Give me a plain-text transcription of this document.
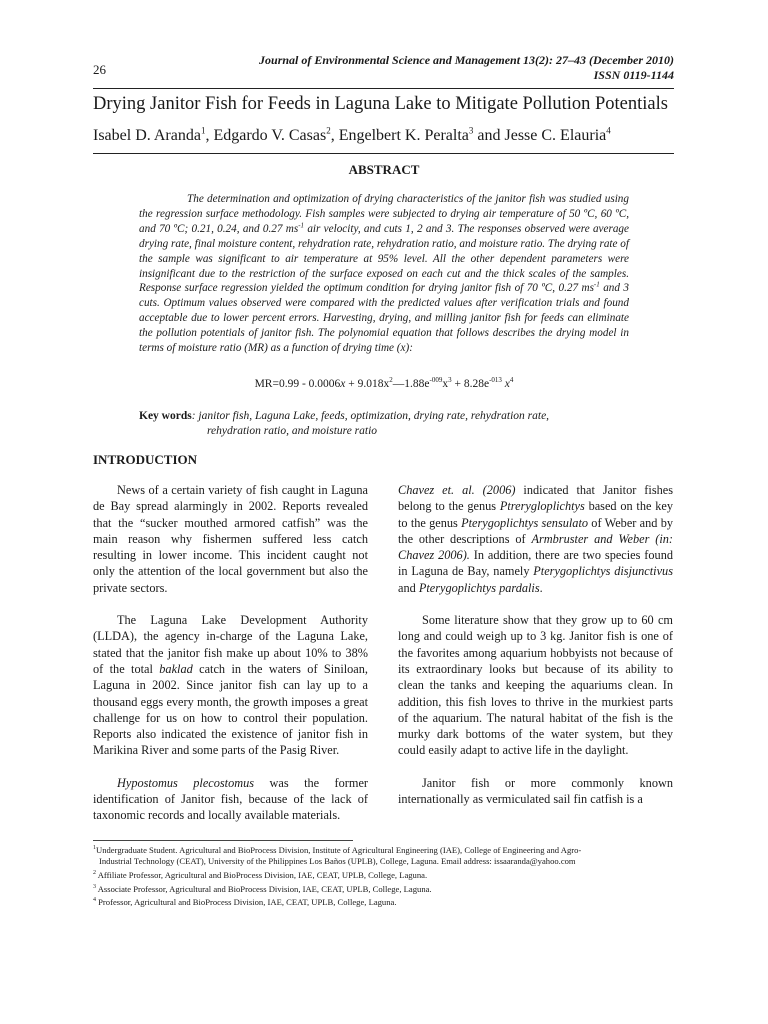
26
Journal of Environmental Science and Management 13(2): 27–43 (December 2010)
ISSN 0119-1144
Drying Janitor Fish for Feeds in Laguna Lake to Mitigate Pollution Potentials
Isabel D. Aranda$^1$, Edgardo V. Casas$^2$, Engelbert K. Peralta$^3$ and Jesse C. Elauria$^4$
ABSTRACT

The determination and optimization of drying characteristics of the janitor fish was studied using the regression surface methodology. Fish samples were subjected to drying air temperature of 50 ºC, 60 ºC, and 70 ºC; 0.21, 0.24, and 0.27 $ms^{-1}$ air velocity, and cuts 1, 2 and 3. The responses observed were average drying rate, final moisture content, rehydration rate, rehydration ratio, and moisture ratio. The drying rate of the sample was significant to air temperature at 95% level. All the other dependent parameters were insignificant due to the restriction of the surface exposed on each cut and the thick scales of the samples. Response surface regression yielded the optimum condition for drying janitor fish of 70 ºC, 0.27 $ms^{-1}$ and 3 cuts. Optimum values observed were compared with the predicted values after verification trials and found acceptable due to lower percent errors. Harvesting, drying, and milling janitor fish for feeds can eliminate the pollution potentials of janitor fish. The polynomial equation that follows describes the drying model in terms of moisture ratio (MR) as a function of drying time (x):

$MR=0.99 - 0.0006x + 9.018x^2—1.88e^{-009}x^3 + 8.28e^{-013}$ $x^4$
Key words: janitor fish, Laguna Lake, feeds, optimization, drying rate, rehydration rate,
rehydration ratio, and moisture ratio
INTRODUCTION

News of a certain variety of fish caught in Laguna de Bay spread alarmingly in 2002. Reports revealed that the “sucker mouthed armored catfish” was the main reason why fishermen suffered less catch resulting in lower income. This incident caught not only the attention of the local government but also the private sectors.

The Laguna Lake Development Authority (LLDA), the agency in-charge of the Laguna Lake, stated that the janitor fish make up about 10% to 38% of the total baklad catch in the waters of Siniloan, Laguna in 2002. Since janitor fish can lay up to a thousand eggs every month, the growth imposes a great challenge for us on how to control their population. Reports also indicated the existence of janitor fish in Marikina River and some parts of the Pasig River.

Hypostomus plecostomus was the former identification of Janitor fish, because of the lack of taxonomic records and locally available materials.

Chavez et. al. (2006) indicated that Janitor fishes belong to the genus Ptrerygloplichtys based on the key to the genus Pterygoplichtys sensulato of Weber and by the other descriptions of Armbruster and Weber (in: Chavez 2006). In addition, there are two species found in Laguna de Bay, namely Pterygoplichtys disjunctivus and Pterygoplichtys pardalis.

Some literature show that they grow up to 60 cm long and could weigh up to 3 kg. Janitor fish is one of the favorites among aquarium hobbyists not because of its extraordinary looks but because of its ability to clean the tanks and keeping the aquariums clean. In addition, this fish loves to thrive in the murkiest parts of the aquarium. The natural habitat of the fish is the murky dark bottoms of the water system, but they could easily adapt to active life in the daylight.

Janitor fish or more commonly known internationally as vermiculated sail fin catfish is a

$^1$Undergraduate Student. Agricultural and BioProcess Division, Institute of Agricultural Engineering (IAE), College of Engineering and Agro-
Industrial Technology (CEAT), University of the Philippines Los Baños (UPLB), College, Laguna. Email address: issaaranda@yahoo.com
$^2$ Affiliate Professor, Agricultural and BioProcess Division, IAE, CEAT, UPLB, College, Laguna.
$^3$ Associate Professor, Agricultural and BioProcess Division, IAE, CEAT, UPLB, College, Laguna.
$^4$ Professor, Agricultural and BioProcess Division, IAE, CEAT, UPLB, College, Laguna.
